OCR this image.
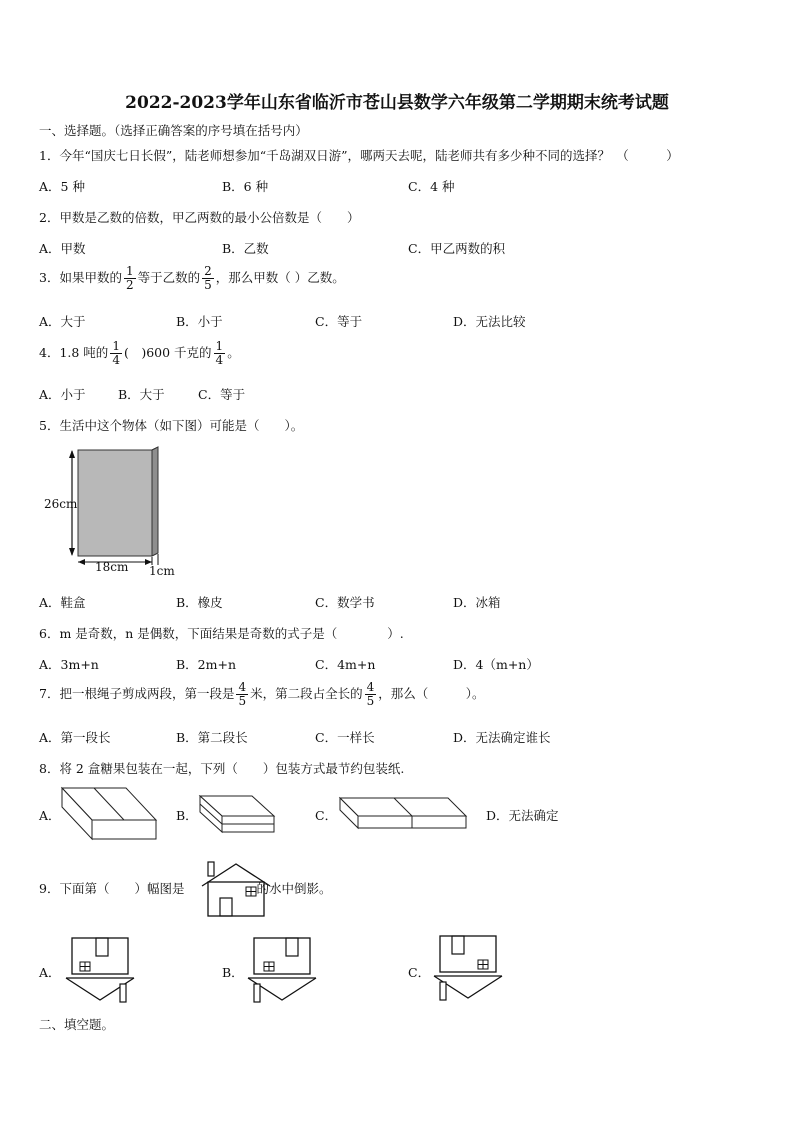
2022-2023学年山东省临沂市苍山县数学六年级第二学期期末统考试题
一、选择题。（选择正确答案的序号填在括号内）
1．今年“国庆七日长假”，陆老师想参加“千岛湖双日游”，哪两天去呢，陆老师共有多少种不同的选择？　（　　　）
A．5 种	B．6 种	C．4 种
2．甲数是乙数的倍数，甲乙两数的最小公倍数是（　　）
A．甲数	B．乙数	C．甲乙两数的积
3．如果甲数的 $\frac{1}{2}$ 等于乙数的 $\frac{2}{5}$ ，那么甲数（ ）乙数。
A．大于	B．小于	C．等于	D．无法比较
4．1.8 吨的 $\frac{1}{4}$ (　)600 千克的 $\frac{1}{4}$ 。
A．小于	B．大于	C．等于
5．生活中这个物体（如下图）可能是（　　）。
26cm
18cm 1cm
A．鞋盒	B．橡皮	C．数学书	D．冰箱
6．m 是奇数，n 是偶数，下面结果是奇数的式子是（　　　　）.
A．3m+n	B．2m+n	C．4m+n	D．4（m+n）
7．把一根绳子剪成两段，第一段是 $\frac{4}{5}$ 米，第二段占全长的 $\frac{4}{5}$ ，那么（　　　）。
A．第一段长	B．第二段长	C．一样长	D．无法确定谁长
8．将 2 盒糖果包装在一起，下列（　　）包装方式最节约包装纸.
A．	B．	C．	D．无法确定
9．下面第（　　）幅图是	的水中倒影。
A．	B．	C．
二、填空题。
